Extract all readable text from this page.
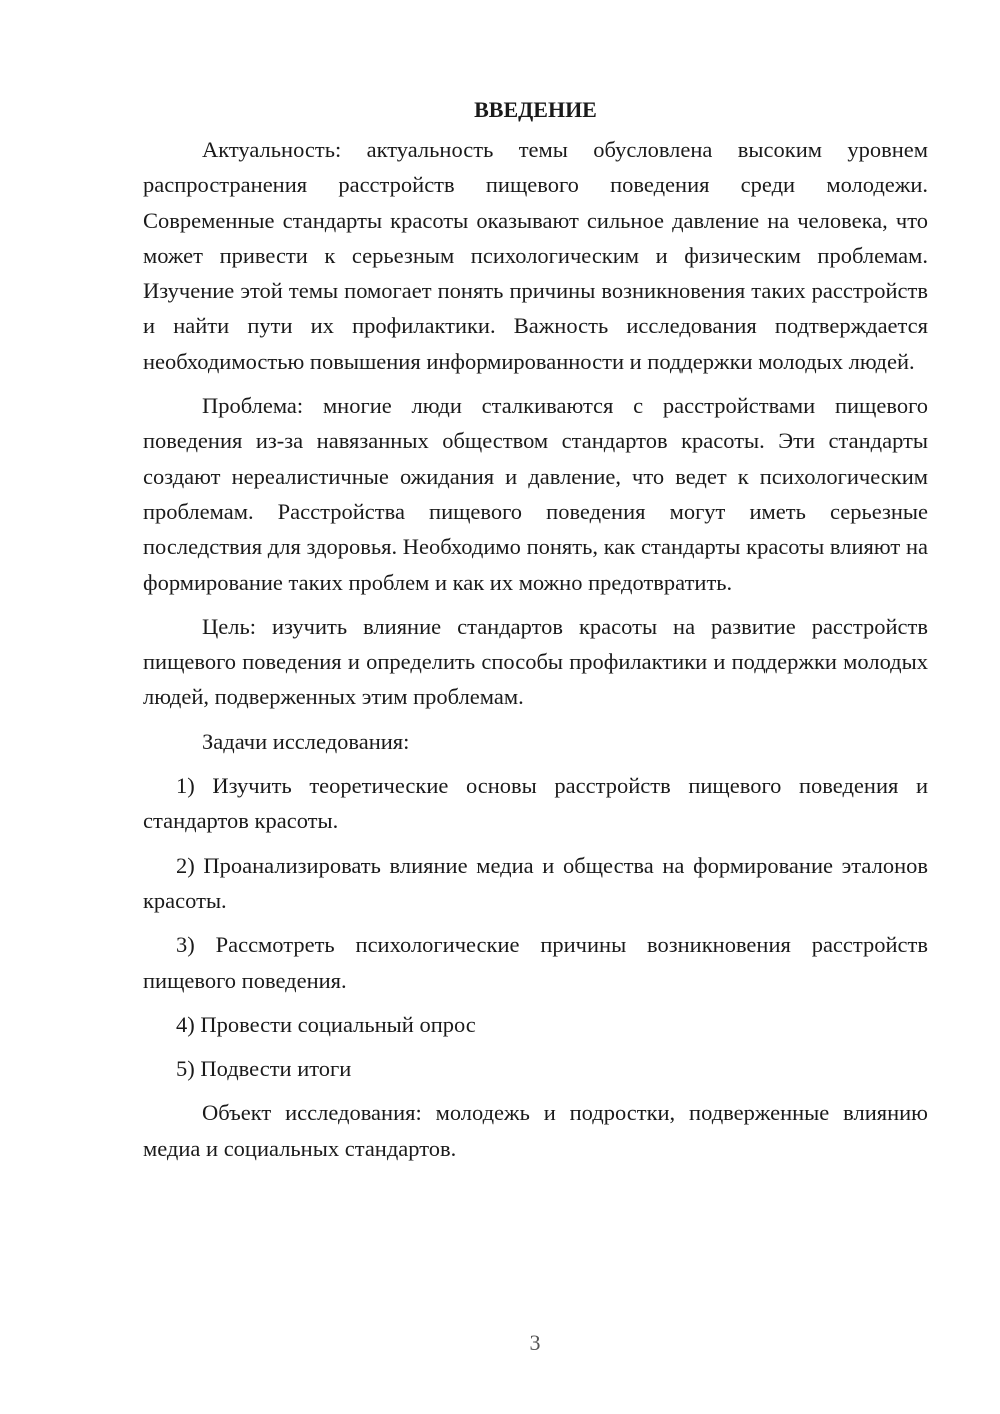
ВВЕДЕНИЕ

Актуальность: актуальность темы обусловлена высоким уровнем распространения расстройств пищевого поведения среди молодежи. Современные стандарты красоты оказывают сильное давление на человека, что может привести к серьезным психологическим и физическим проблемам. Изучение этой темы помогает понять причины возникновения таких расстройств и найти пути их профилактики. Важность исследования подтверждается необходимостью повышения информированности и поддержки молодых людей.

Проблема: многие люди сталкиваются с расстройствами пищевого поведения из-за навязанных обществом стандартов красоты. Эти стандарты создают нереалистичные ожидания и давление, что ведет к психологическим проблемам. Расстройства пищевого поведения могут иметь серьезные последствия для здоровья. Необходимо понять, как стандарты красоты влияют на формирование таких проблем и как их можно предотвратить.

Цель: изучить влияние стандартов красоты на развитие расстройств пищевого поведения и определить способы профилактики и поддержки молодых людей, подверженных этим проблемам.

Задачи исследования:

1) Изучить теоретические основы расстройств пищевого поведения и стандартов красоты.

2) Проанализировать влияние медиа и общества на формирование эталонов красоты.

3) Рассмотреть психологические причины возникновения расстройств пищевого поведения.

4) Провести социальный опрос

5) Подвести итоги

Объект исследования: молодежь и подростки, подверженные влиянию медиа и социальных стандартов.

3
